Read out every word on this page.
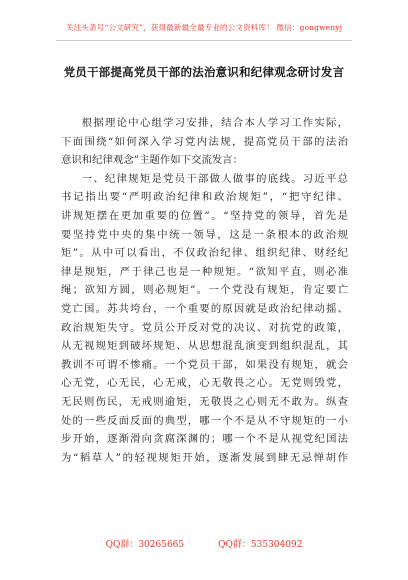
关注头条号“公文研究”，获得最新最全最专业的公文资料库！ 微信：gongwenyj
党员干部提高党员干部的法治意识和纪律观念研讨发言
根据理论中心组学习安排，结合本人学习工作实际，
下面围绕“如何深入学习党内法规，提高党员干部的法治
意识和纪律观念”主题作如下交流发言：
一、纪律规矩是党员干部做人做事的底线。习近平总
书记指出要“严明政治纪律和政治规矩”，“把守纪律、
讲规矩摆在更加重要的位置”。“坚持党的领导，首先是
要坚持党中央的集中统一领导，这是一条根本的政治规
矩”。从中可以看出，不仅政治纪律、组织纪律、财经纪
律是规矩，严于律己也是一种规矩。“欲知平直，则必准
绳；欲知方圆，则必规矩”。一个党没有规矩，肯定要亡
党亡国。苏共垮台，一个重要的原因就是政治纪律动摇、
政治规矩失守。党员公开反对党的决议、对抗党的政策，
从无视规矩到破坏规矩、从思想混乱演变到组织混乱，其
教训不可谓不惨痛。一个党员干部，如果没有规矩，就会
心无党，心无民，心无戒，心无敬畏之心。无党则毁党，
无民则伤民，无戒则逾矩，无敬畏之心则无不敢为。纵查
处的一些反面反面的典型，哪一个不是从不守规矩的一小
步开始，逐渐滑向贪腐深渊的；哪一个不是从视党纪国法
为“稻草人”的轻视规矩开始，逐渐发展到肆无忌惮胡作
QQ群：30265665	QQ群：535304092
